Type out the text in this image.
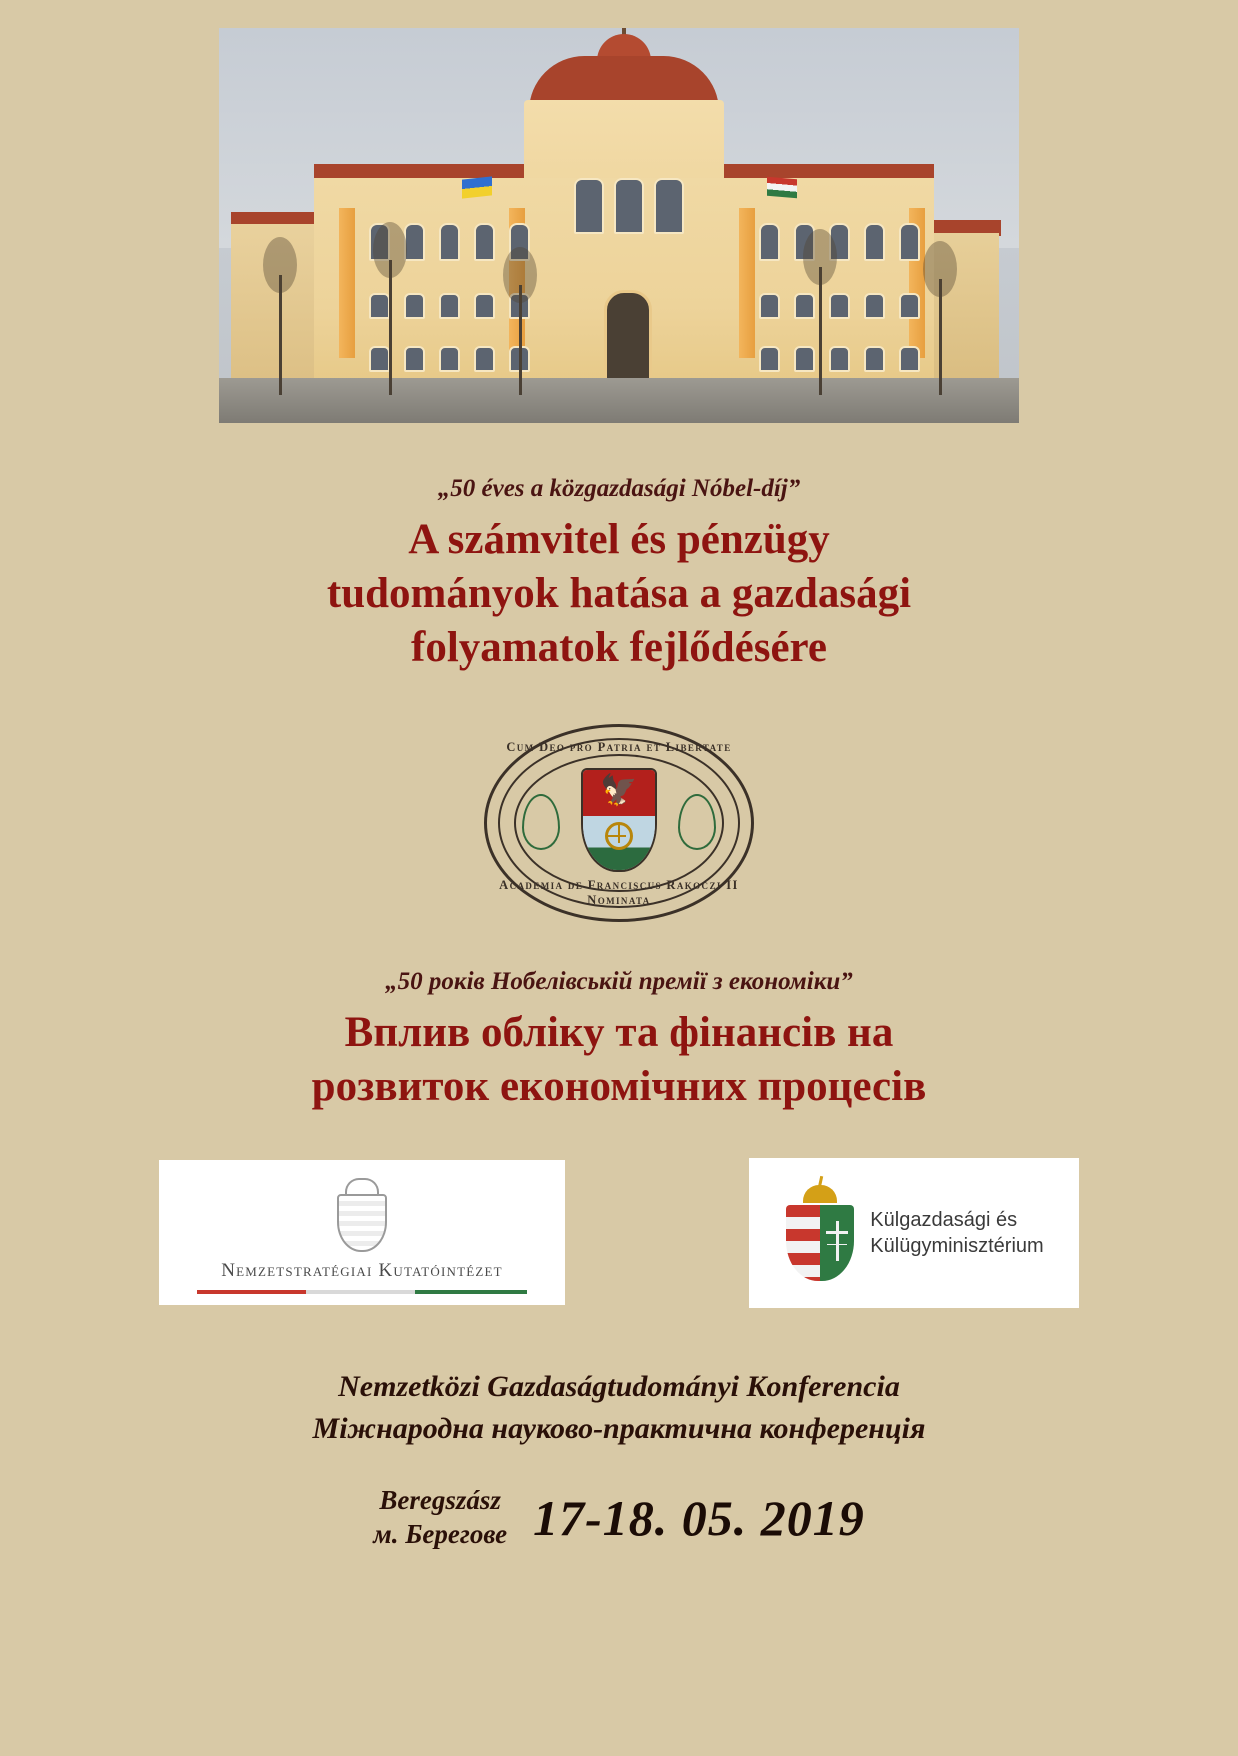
„50 éves a közgazdasági Nóbel-díj”
A számvitel és pénzügy
tudományok hatása a gazdasági
folyamatok fejlődésére
Cum Deo pro Patria et Libertate
Academia de Franciscus Rakoczi II Nominata
🦅
„50 років Нобелівській премії з економіки”
Вплив обліку та фінансів на
розвиток економічних процесів
Nemzetstratégiai Kutatóintézet
Külgazdasági és
Külügyminisztérium
Nemzetközi Gazdaságtudományi Konferencia
Міжнародна науково-практична конференція
Beregszász
м. Берегове 17-18. 05. 2019
